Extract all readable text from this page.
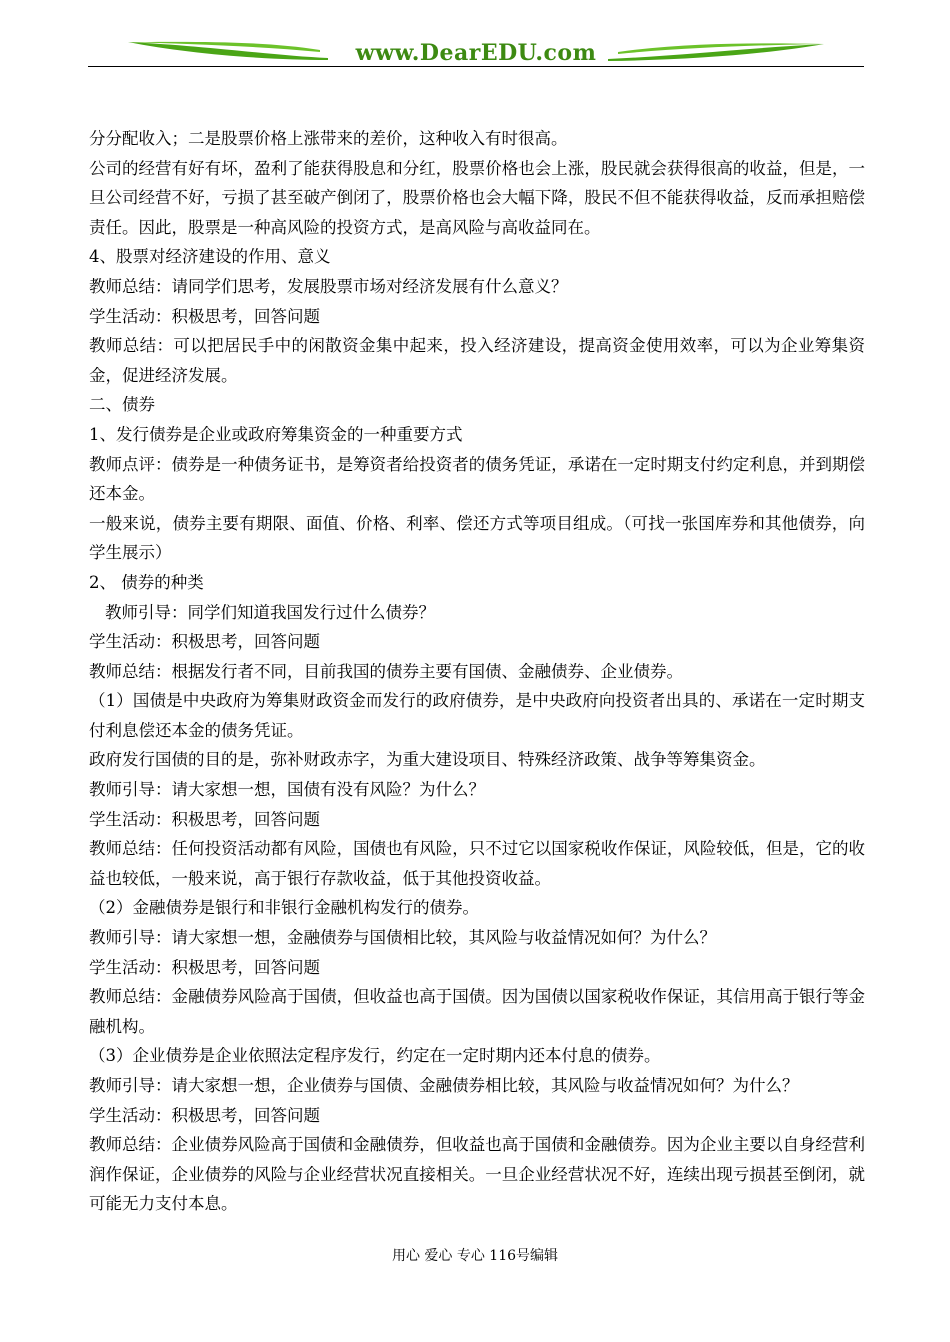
www.DearEDU.com

分分配收入；二是股票价格上涨带来的差价，这种收入有时很高。

公司的经营有好有坏，盈利了能获得股息和分红，股票价格也会上涨，股民就会获得很高的收益，但是，一旦公司经营不好，亏损了甚至破产倒闭了，股票价格也会大幅下降，股民不但不能获得收益，反而承担赔偿责任。因此，股票是一种高风险的投资方式，是高风险与高收益同在。

4、股票对经济建设的作用、意义

教师总结：请同学们思考，发展股票市场对经济发展有什么意义？

学生活动：积极思考，回答问题

教师总结：可以把居民手中的闲散资金集中起来，投入经济建设，提高资金使用效率，可以为企业筹集资金，促进经济发展。

二、债券

1、发行债券是企业或政府筹集资金的一种重要方式

教师点评：债券是一种债务证书，是筹资者给投资者的债务凭证，承诺在一定时期支付约定利息，并到期偿还本金。

一般来说，债券主要有期限、面值、价格、利率、偿还方式等项目组成。（可找一张国库券和其他债券，向学生展示）

2、 债券的种类

教师引导：同学们知道我国发行过什么债券？

学生活动：积极思考，回答问题

教师总结：根据发行者不同，目前我国的债券主要有国债、金融债券、企业债券。

（1）国债是中央政府为筹集财政资金而发行的政府债券，是中央政府向投资者出具的、承诺在一定时期支付利息偿还本金的债务凭证。

政府发行国债的目的是，弥补财政赤字，为重大建设项目、特殊经济政策、战争等筹集资金。

教师引导：请大家想一想，国债有没有风险？为什么？

学生活动：积极思考，回答问题

教师总结：任何投资活动都有风险，国债也有风险，只不过它以国家税收作保证，风险较低，但是，它的收益也较低，一般来说，高于银行存款收益，低于其他投资收益。

（2）金融债券是银行和非银行金融机构发行的债券。

教师引导：请大家想一想，金融债券与国债相比较，其风险与收益情况如何？为什么？

学生活动：积极思考，回答问题

教师总结：金融债券风险高于国债，但收益也高于国债。因为国债以国家税收作保证，其信用高于银行等金融机构。

（3）企业债券是企业依照法定程序发行，约定在一定时期内还本付息的债券。

教师引导：请大家想一想，企业债券与国债、金融债券相比较，其风险与收益情况如何？为什么？

学生活动：积极思考，回答问题

教师总结：企业债券风险高于国债和金融债券，但收益也高于国债和金融债券。因为企业主要以自身经营利润作保证，企业债券的风险与企业经营状况直接相关。一旦企业经营状况不好，连续出现亏损甚至倒闭，就可能无力支付本息。

用心 爱心 专心 116号编辑
